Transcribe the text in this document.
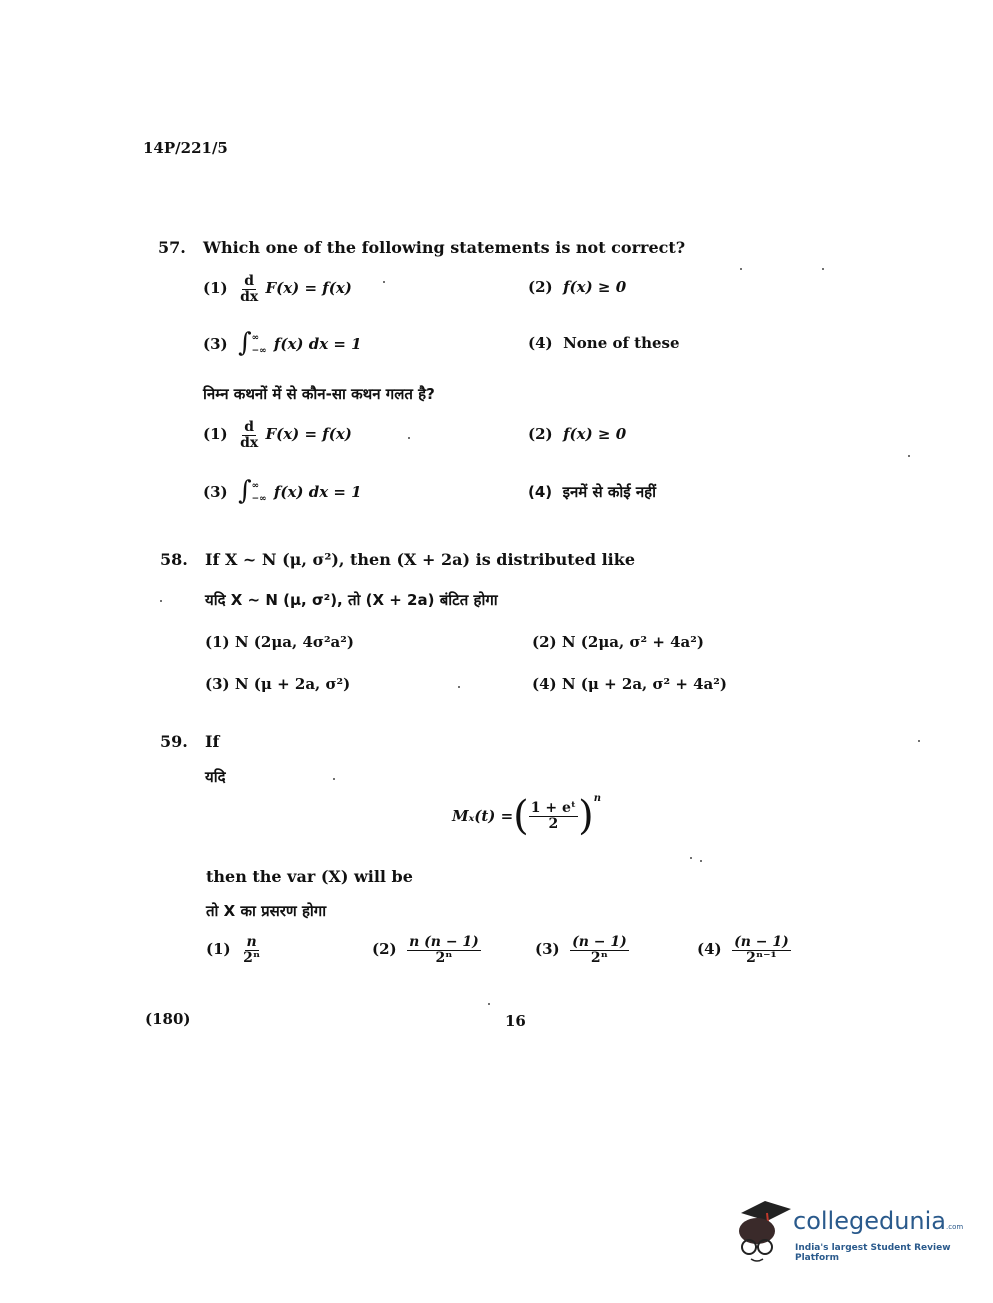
14P/221/5
57. Which one of the following statements is not correct?
$(1) \frac{d}{dx} F(x) = f(x)$	(2) f(x) ≥ 0
(3) ∫ ∞
−∞ f(x) dx = 1	(4) None of these
निम्न कथनों में से कौन-सा कथन गलत है?
$(1) \frac{d}{dx} F(x) = f(x)$	(2) f(x) ≥ 0
(3) ∫ ∞
−∞ f(x) dx = 1	(4) इनमें से कोई नहीं
58. If X ~ N (μ, σ²), then (X + 2a) is distributed like
यदि X ~ N (μ, σ²), तो (X + 2a) बंटित होगा
(1) N (2μa, 4σ²a²)	(2) N (2μa, σ² + 4a²)
(3) N (μ + 2a, σ²)	(4) N (μ + 2a, σ² + 4a²)
59. If
यदि
Mₓ(t) = ( $\frac{\text{1 + eᵗ}}{2}$ ) $^n$
then the var (X) will be
तो X का प्रसरण होगा
$(1) \frac{n}{\text{2ⁿ}}$	$(2) \frac{n (n - 1)}{\text{2ⁿ}}$	$(3) \frac{(n - 1)}{\text{2ⁿ}}$	$(4) \frac{(n - 1)}{\text{2ⁿ⁻¹}}$
(180)	16
collegedunia.com
India's largest Student Review Platform
